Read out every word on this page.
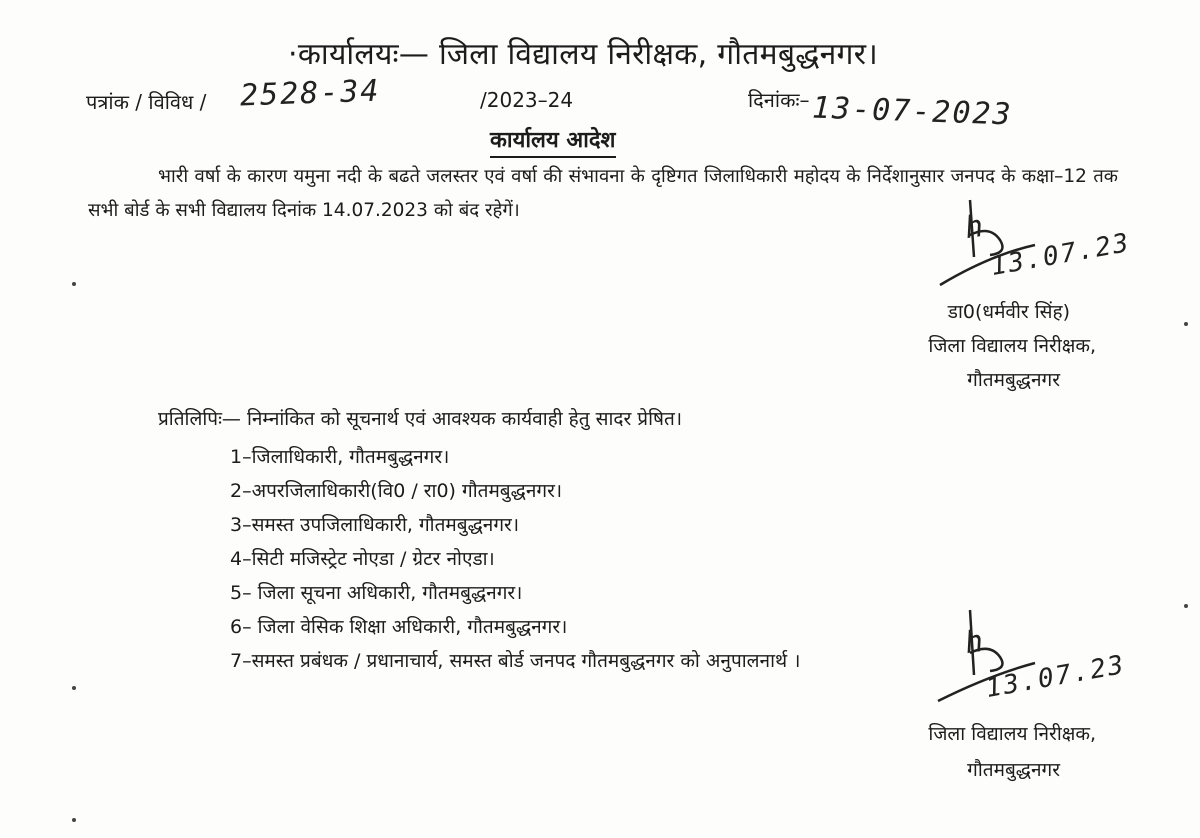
·कार्यालयः— जिला विद्यालय निरीक्षक, गौतमबुद्धनगर।
पत्रांक / विविध / 2528-34	/2023–24	दिनांकः– 13-07-2023
कार्यालय आदेश
भारी वर्षा के कारण यमुना नदी के बढते जलस्तर एवं वर्षा की संभावना के दृष्टिगत जिलाधिकारी महोदय के निर्देशानुसार जनपद के कक्षा–12 तक सभी बोर्ड के सभी विद्यालय दिनांक 14.07.2023 को बंद रहेगें।	h
13.07.23
डा0(धर्मवीर सिंह)
जिला विद्यालय निरीक्षक,
गौतमबुद्धनगर
प्रतिलिपिः— निम्नांकित को सूचनार्थ एवं आवश्यक कार्यवाही हेतु सादर प्रेषित।
1–जिलाधिकारी, गौतमबुद्धनगर।
2–अपरजिलाधिकारी(वि0 / रा0) गौतमबुद्धनगर।
3–समस्त उपजिलाधिकारी, गौतमबुद्धनगर।
4–सिटी मजिस्ट्रेट नोएडा / ग्रेटर नोएडा।
5– जिला सूचना अधिकारी, गौतमबुद्धनगर।
6– जिला वेसिक शिक्षा अधिकारी, गौतमबुद्धनगर।
7–समस्त प्रबंधक / प्रधानाचार्य, समस्त बोर्ड जनपद गौतमबुद्धनगर को अनुपालनार्थ ।	h
13.07.23
जिला विद्यालय निरीक्षक,
गौतमबुद्धनगर
